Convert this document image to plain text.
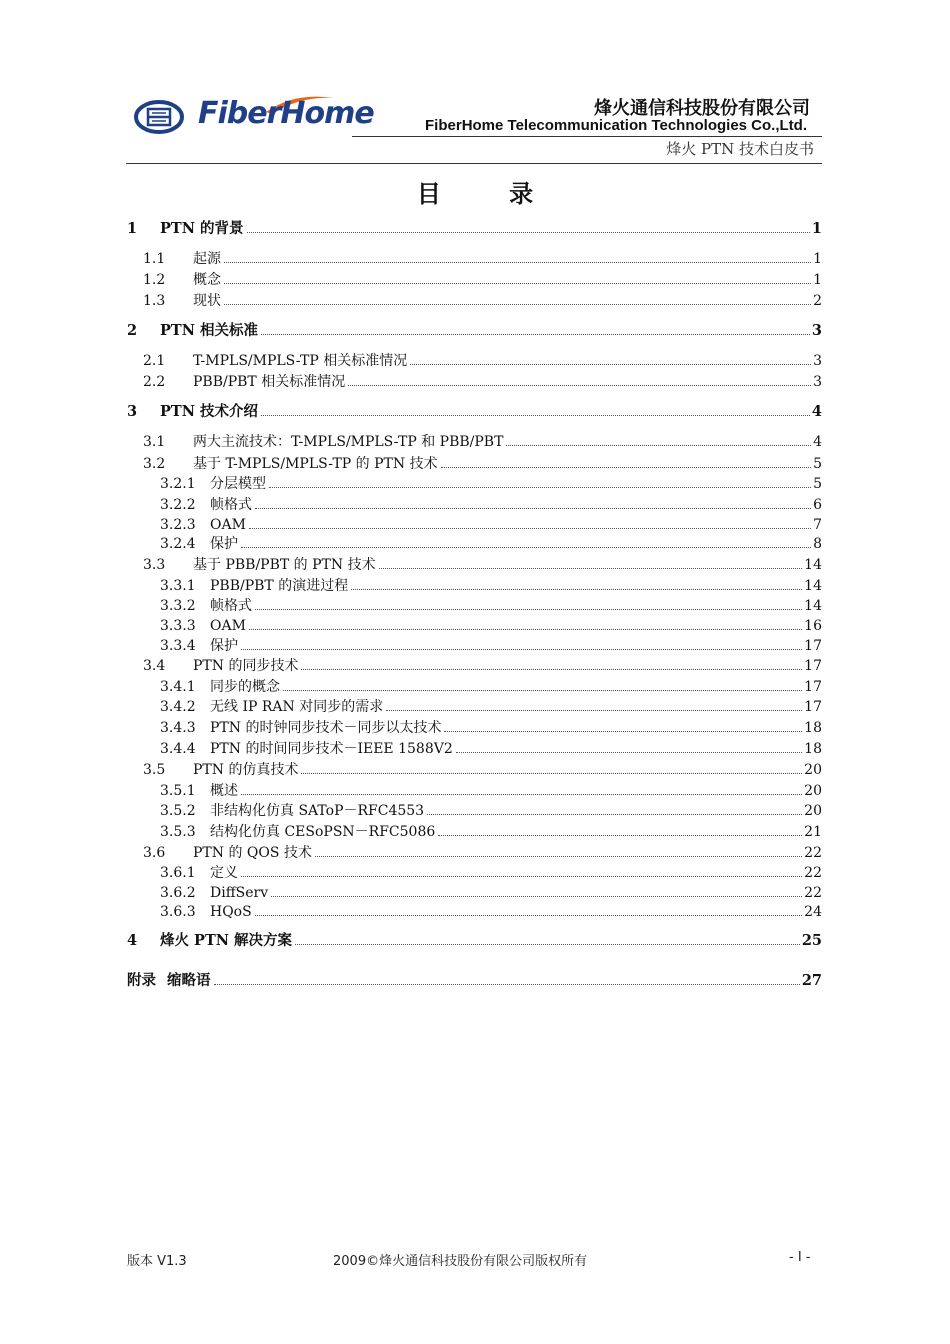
FiberHome	烽火通信科技股份有限公司
FiberHome Telecommunication Technologies Co.,Ltd.
烽火 PTN 技术白皮书
目 录
1	PTN 的背景	1
1.1	起源	1
1.2	概念	1
1.3	现状	2
2	PTN 相关标准	3
2.1	T-MPLS/MPLS-TP 相关标准情况	3
2.2	PBB/PBT 相关标准情况	3
3	PTN 技术介绍	4
3.1	两大主流技术：T-MPLS/MPLS-TP 和 PBB/PBT	4
3.2	基于 T-MPLS/MPLS-TP 的 PTN 技术	5
3.2.1	分层模型	5
3.2.2	帧格式	6
3.2.3	OAM	7
3.2.4	保护	8
3.3	基于 PBB/PBT 的 PTN 技术	14
3.3.1	PBB/PBT 的演进过程	14
3.3.2	帧格式	14
3.3.3	OAM	16
3.3.4	保护	17
3.4	PTN 的同步技术	17
3.4.1	同步的概念	17
3.4.2	无线 IP RAN 对同步的需求	17
3.4.3	PTN 的时钟同步技术－同步以太技术	18
3.4.4	PTN 的时间同步技术－IEEE 1588V2	18
3.5	PTN 的仿真技术	20
3.5.1	概述	20
3.5.2	非结构化仿真 SAToP－RFC4553	20
3.5.3	结构化仿真 CESoPSN－RFC5086	21
3.6	PTN 的 QOS 技术	22
3.6.1	定义	22
3.6.2	DiffServ	22
3.6.3	HQoS	24
4	烽火 PTN 解决方案	25
附录 缩略语	27
版本 V1.3	2009©烽火通信科技股份有限公司版权所有	- I -
